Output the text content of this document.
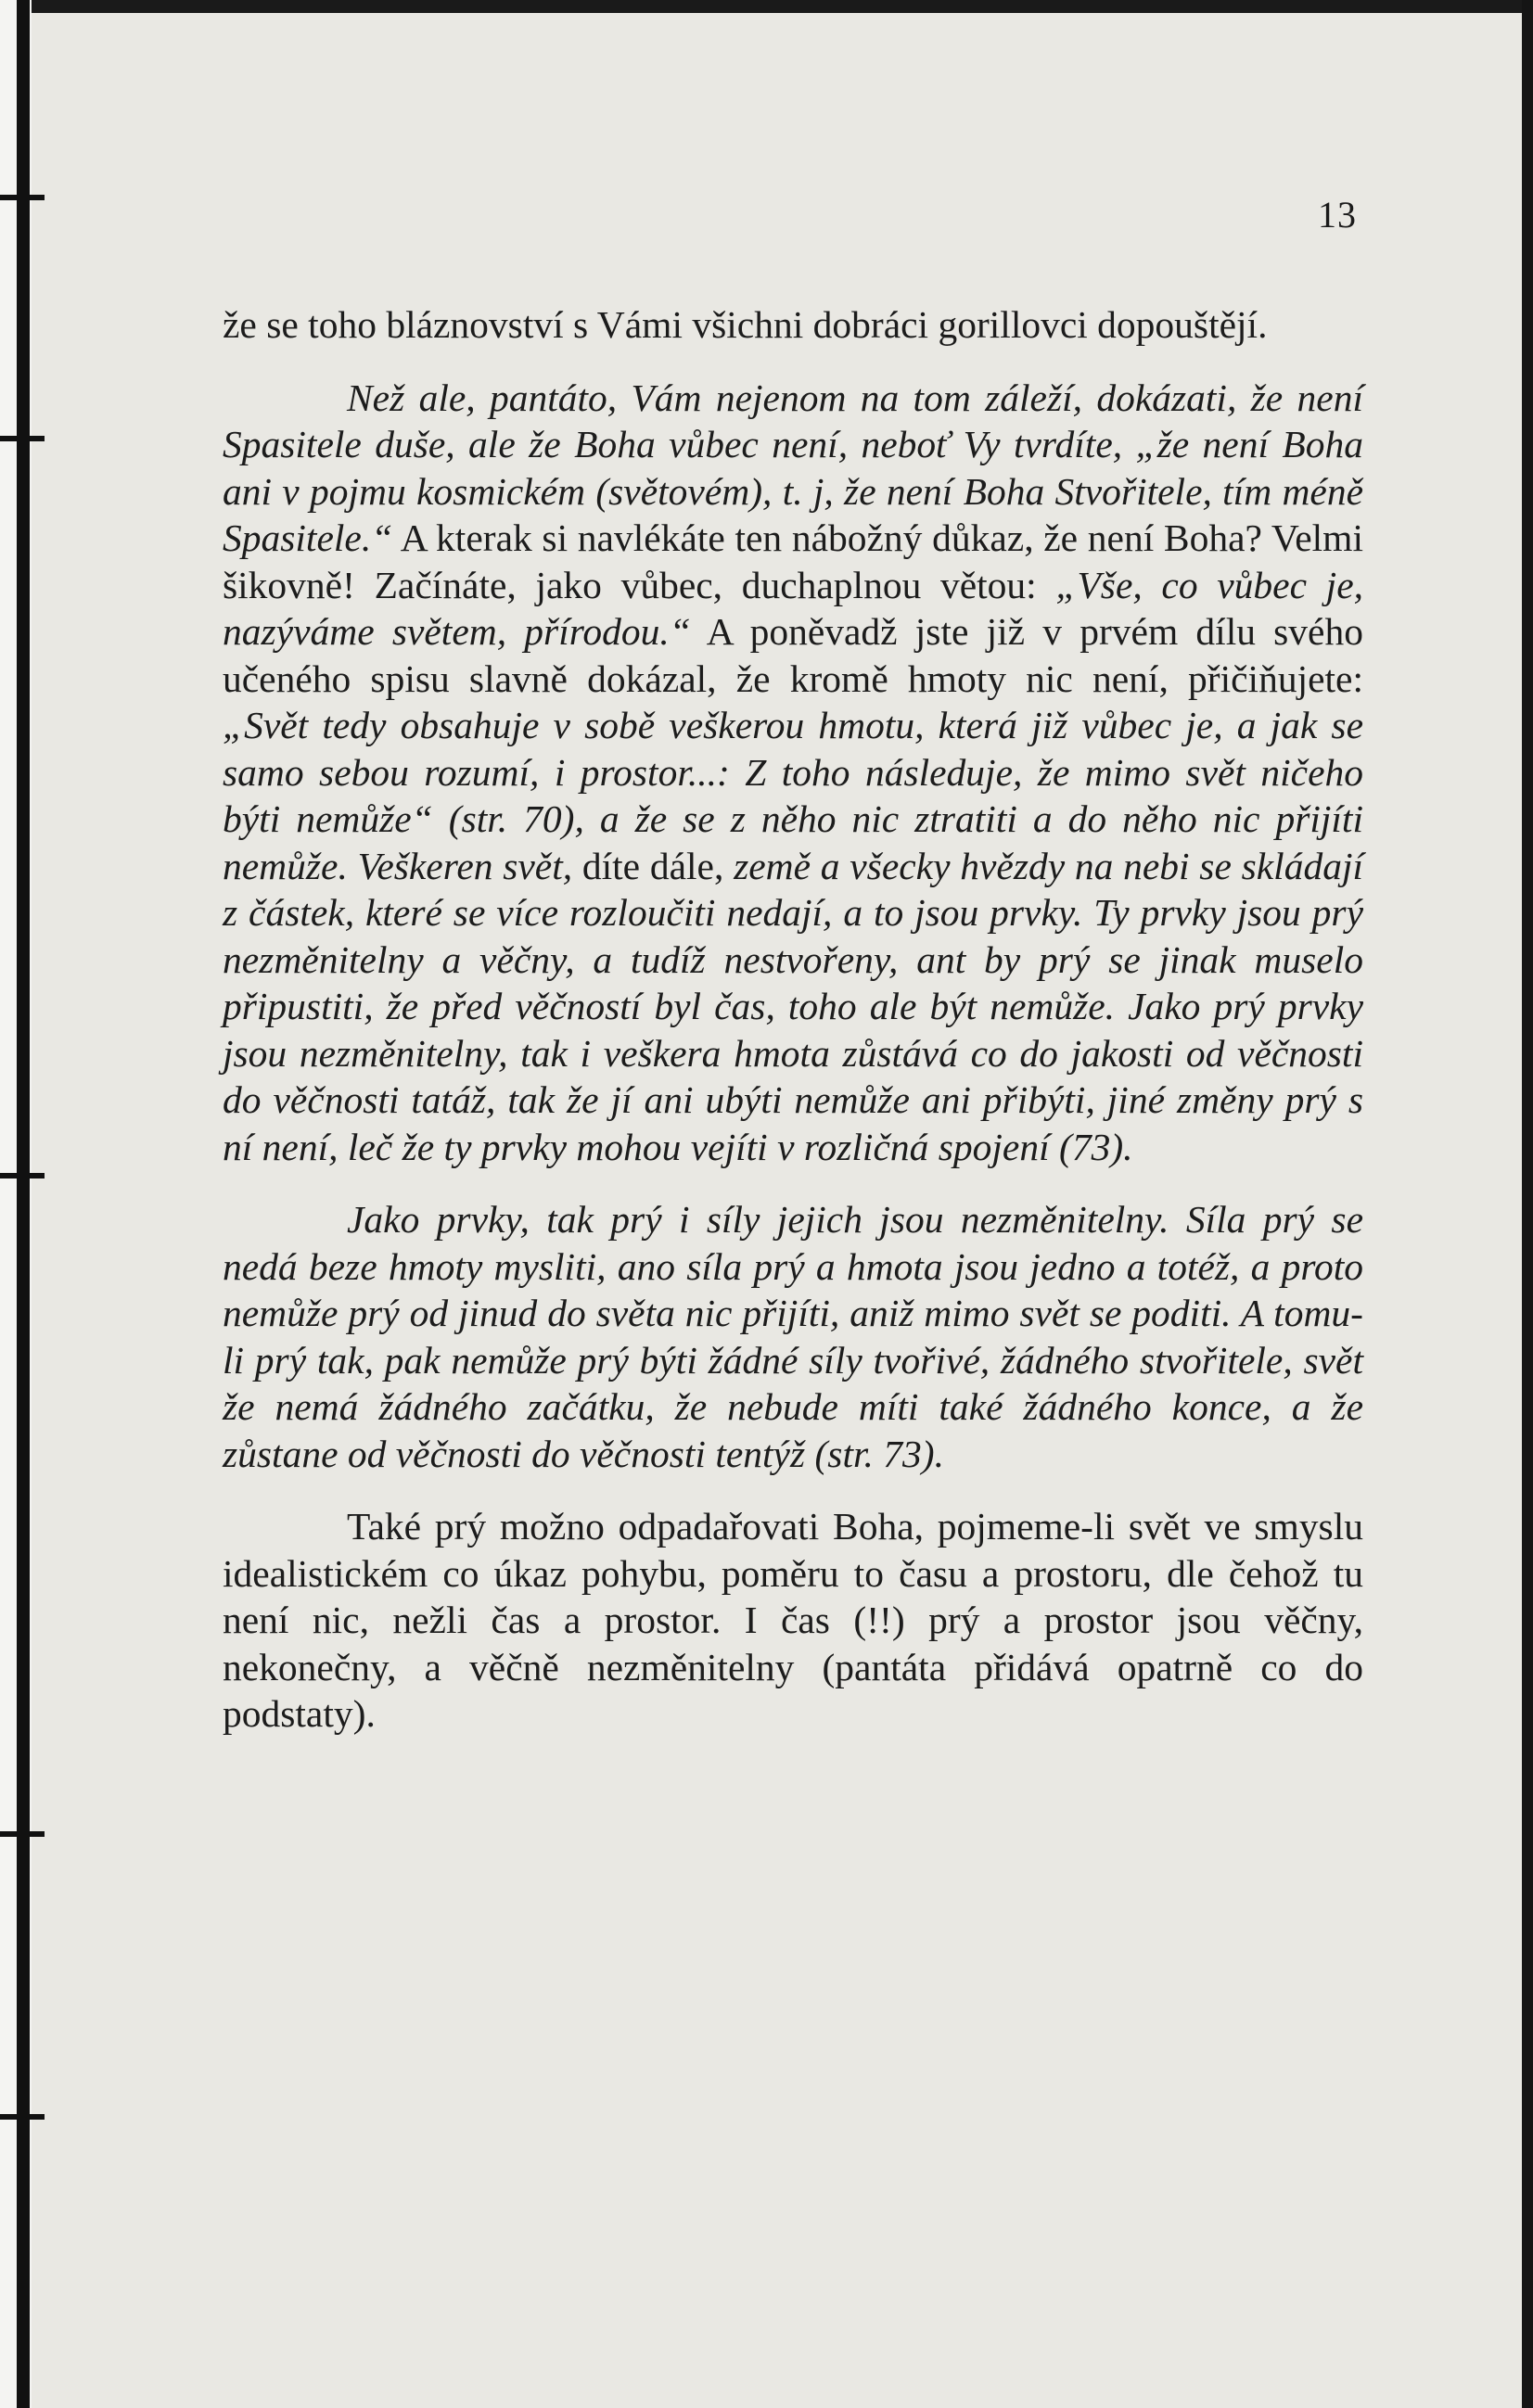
13

že se toho bláznovství s Vámi všichni dobráci gorillovci dopouštějí.

Než ale, pantáto, Vám nejenom na tom záleží, dokázati, že není Spasitele duše, ale že Boha vůbec není, neboť Vy tvrdíte, „že není Boha ani v pojmu kosmickém (světovém), t. j, že není Boha Stvořitele, tím méně Spasitele.“ A kterak si navlékáte ten nábožný důkaz, že není Boha? Velmi šikovně! Začínáte, jako vůbec, duchaplnou větou: „Vše, co vůbec je, nazýváme světem, přírodou.“ A poněvadž jste již v prvém dílu svého učeného spisu slavně dokázal, že kromě hmoty nic není, přičiňujete: „Svět tedy obsahuje v sobě veškerou hmotu, která již vůbec je, a jak se samo sebou rozumí, i prostor...: Z toho následuje, že mimo svět ničeho býti nemůže“ (str. 70), a že se z něho nic ztratiti a do něho nic přijíti nemůže. Veškeren svět, díte dále, země a všecky hvězdy na nebi se skládají z částek, které se více rozloučiti nedají, a to jsou prvky. Ty prvky jsou prý nezměnitelny a věčny, a tudíž nestvořeny, ant by prý se jinak muselo připustiti, že před věčností byl čas, toho ale být nemůže. Jako prý prvky jsou nezměnitelny, tak i veškera hmota zůstává co do jakosti od věčnosti do věčnosti tatáž, tak že jí ani ubýti nemůže ani přibýti, jiné změny prý s ní není, leč že ty prvky mohou vejíti v rozličná spojení (73).

Jako prvky, tak prý i síly jejich jsou nezměnitelny. Síla prý se nedá beze hmoty mysliti, ano síla prý a hmota jsou jedno a totéž, a proto nemůže prý od jinud do světa nic přijíti, aniž mimo svět se poditi. A tomu-li prý tak, pak nemůže prý býti žádné síly tvořivé, žádného stvořitele, svět že nemá žádného začátku, že nebude míti také žádného konce, a že zůstane od věčnosti do věčnosti tentýž (str. 73).

Také prý možno odpadařovati Boha, pojmeme-li svět ve smyslu idealistickém co úkaz pohybu, poměru to času a prostoru, dle čehož tu není nic, nežli čas a prostor. I čas (!!) prý a prostor jsou věčny, nekonečny, a věčně nezměnitelny (pantáta přidává opatrně co do podstaty).
